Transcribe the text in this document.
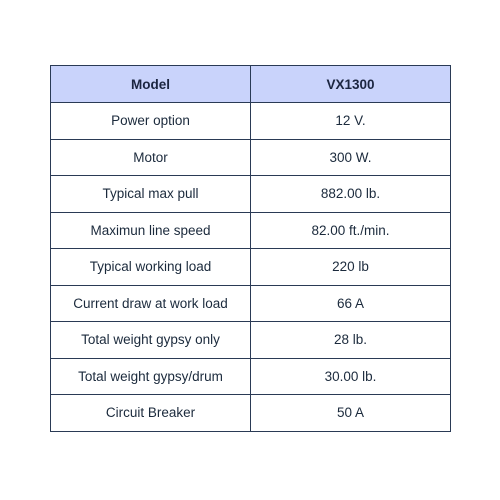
Model	VX1300
Power option	12 V.
Motor	300 W.
Typical max pull	882.00 lb.
Maximun line speed	82.00 ft./min.
Typical working load	220 lb
Current draw at work load	66 A
Total weight gypsy only	28 lb.
Total weight gypsy/drum	30.00 lb.
Circuit Breaker	50 A
